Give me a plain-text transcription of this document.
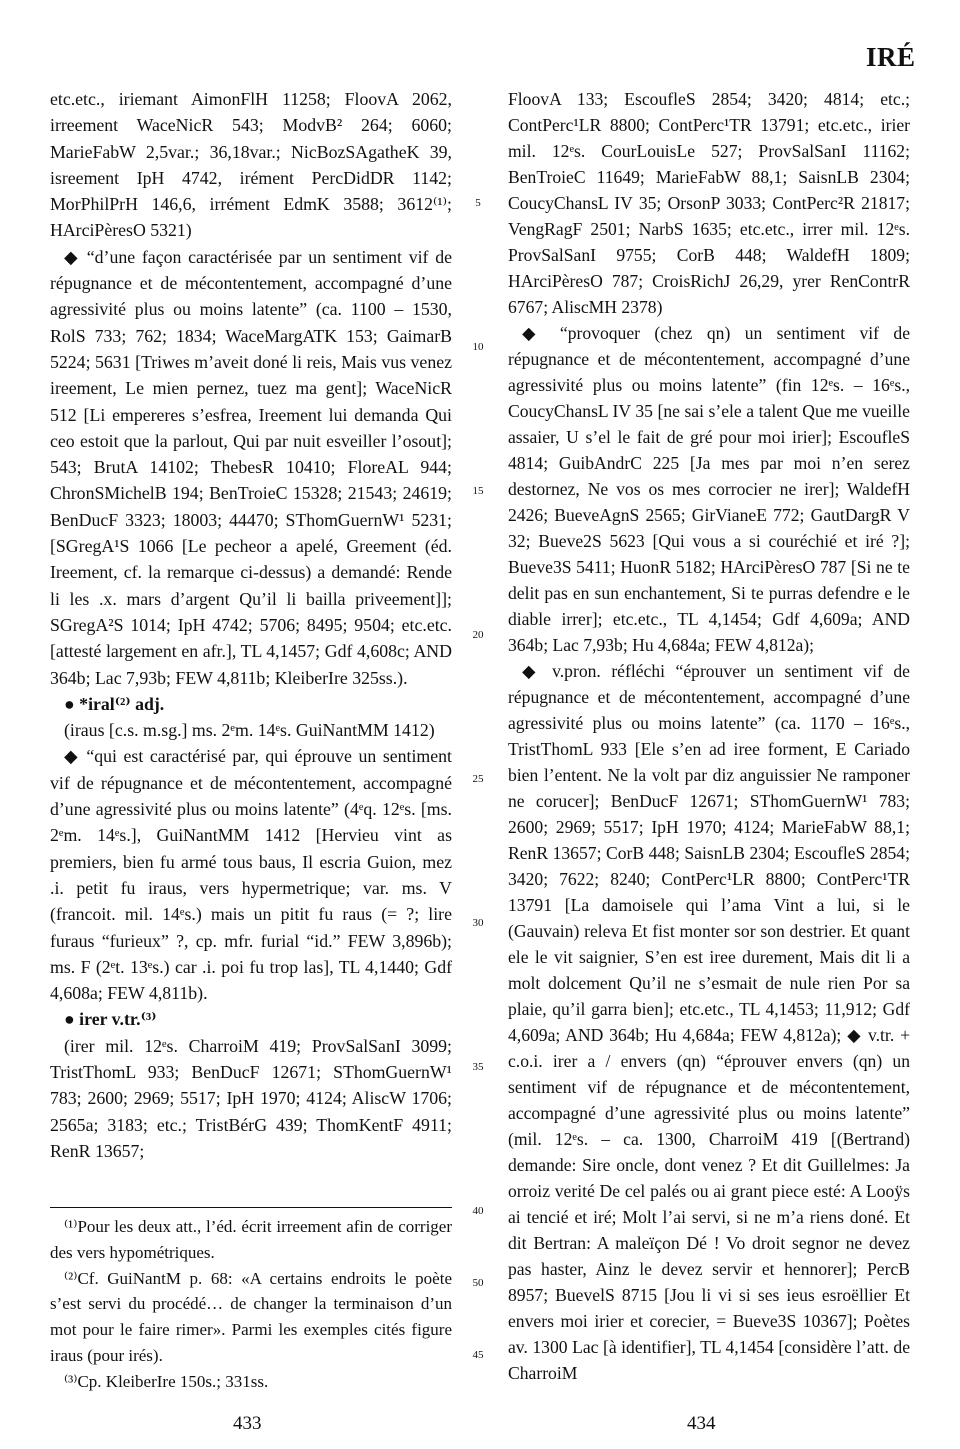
IRÉ

etc.etc., iriemant AimonFlH 11258; FloovA 2062, irreement WaceNicR 543; ModvB² 264; 6060; MarieFabW 2,5var.; 36,18var.; NicBozSAgatheK 39, isreement IpH 4742, irément PercDidDR 1142; MorPhilPrH 146,6, irrément EdmK 3588; 3612⁽¹⁾; HArciPèresO 5321)

◆ “d’une façon caractérisée par un sentiment vif de répugnance et de mécontentement, accompagné d’une agressivité plus ou moins latente” (ca. 1100 – 1530, RolS 733; 762; 1834; WaceMargATK 153; GaimarB 5224; 5631 [Triwes m’aveit doné li reis, Mais vus venez ireement, Le mien pernez, tuez ma gent]; WaceNicR 512 [Li empereres s’esfrea, Ireement lui demanda Qui ceo estoit que la parlout, Qui par nuit esveiller l’osout]; 543; BrutA 14102; ThebesR 10410; FloreAL 944; ChronSMichelB 194; BenTroieC 15328; 21543; 24619; BenDucF 3323; 18003; 44470; SThomGuernW¹ 5231; [SGregA¹S 1066 [Le pecheor a apelé, Greement (éd. Ireement, cf. la remarque ci-dessus) a demandé: Rende li les .x. mars d’argent Qu’il li bailla priveement]]; SGregA²S 1014; IpH 4742; 5706; 8495; 9504; etc.etc. [attesté largement en afr.], TL 4,1457; Gdf 4,608c; AND 364b; Lac 7,93b; FEW 4,811b; KleiberIre 325ss.).

● *iral⁽²⁾ adj.

(iraus [c.s. m.sg.] ms. 2ᵉm. 14ᵉs. GuiNantMM 1412)

◆ “qui est caractérisé par, qui éprouve un sentiment vif de répugnance et de mécontentement, accompagné d’une agressivité plus ou moins latente” (4ᵉq. 12ᵉs. [ms. 2ᵉm. 14ᵉs.], GuiNantMM 1412 [Hervieu vint as premiers, bien fu armé tous baus, Il escria Guion, mez .i. petit fu iraus, vers hypermetrique; var. ms. V (francoit. mil. 14ᵉs.) mais un pitit fu raus (= ?; lire furaus “furieux” ?, cp. mfr. furial “id.” FEW 3,896b); ms. F (2ᵉt. 13ᵉs.) car .i. poi fu trop las], TL 4,1440; Gdf 4,608a; FEW 4,811b).

● irer v.tr.⁽³⁾

(irer mil. 12ᵉs. CharroiM 419; ProvSalSanI 3099; TristThomL 933; BenDucF 12671; SThomGuernW¹ 783; 2600; 2969; 5517; IpH 1970; 4124; AliscW 1706; 2565a; 3183; etc.; TristBérG 439; ThomKentF 4911; RenR 13657;

⁽¹⁾Pour les deux att., l’éd. écrit irreement afin de corriger des vers hypométriques.

⁽²⁾Cf. GuiNantM p. 68: «A certains endroits le poète s’est servi du procédé… de changer la terminaison d’un mot pour le faire rimer». Parmi les exemples cités figure iraus (pour irés).

⁽³⁾Cp. KleiberIre 150s.; 331ss.

FloovA 133; EscoufleS 2854; 3420; 4814; etc.; ContPerc¹LR 8800; ContPerc¹TR 13791; etc.etc., irier mil. 12ᵉs. CourLouisLe 527; ProvSalSanI 11162; BenTroieC 11649; MarieFabW 88,1; SaisnLB 2304; CoucyChansL IV 35; OrsonP 3033; ContPerc²R 21817; VengRagF 2501; NarbS 1635; etc.etc., irrer mil. 12ᵉs. ProvSalSanI 9755; CorB 448; WaldefH 1809; HArciPèresO 787; CroisRichJ 26,29, yrer RenContrR 6767; AliscMH 2378)

◆ “provoquer (chez qn) un sentiment vif de répugnance et de mécontentement, accompagné d’une agressivité plus ou moins latente” (fin 12ᵉs. – 16ᵉs., CoucyChansL IV 35 [ne sai s’ele a talent Que me vueille assaier, U s’el le fait de gré pour moi irier]; EscoufleS 4814; GuibAndrC 225 [Ja mes par moi n’en serez destornez, Ne vos os mes corrocier ne irer]; WaldefH 2426; BueveAgnS 2565; GirVianeE 772; GautDargR V 32; Bueve2S 5623 [Qui vous a si couréchié et iré ?]; Bueve3S 5411; HuonR 5182; HArciPèresO 787 [Si ne te delit pas en sun enchantement, Si te purras defendre e le diable irrer]; etc.etc., TL 4,1454; Gdf 4,609a; AND 364b; Lac 7,93b; Hu 4,684a; FEW 4,812a);

◆ v.pron. réfléchi “éprouver un sentiment vif de répugnance et de mécontentement, accompagné d’une agressivité plus ou moins latente” (ca. 1170 – 16ᵉs., TristThomL 933 [Ele s’en ad iree forment, E Cariado bien l’entent. Ne la volt par diz anguissier Ne ramponer ne corucer]; BenDucF 12671; SThomGuernW¹ 783; 2600; 2969; 5517; IpH 1970; 4124; MarieFabW 88,1; RenR 13657; CorB 448; SaisnLB 2304; EscoufleS 2854; 3420; 7622; 8240; ContPerc¹LR 8800; ContPerc¹TR 13791 [La damoisele qui l’ama Vint a lui, si le (Gauvain) releva Et fist monter sor son destrier. Et quant ele le vit saignier, S’en est iree durement, Mais dit li a molt dolcement Qu’il ne s’esmait de nule rien Por sa plaie, qu’il garra bien]; etc.etc., TL 4,1453; 11,912; Gdf 4,609a; AND 364b; Hu 4,684a; FEW 4,812a); ◆ v.tr. + c.o.i. irer a / envers (qn) “éprouver envers (qn) un sentiment vif de répugnance et de mécontentement, accompagné d’une agressivité plus ou moins latente” (mil. 12ᵉs. – ca. 1300, CharroiM 419 [(Bertrand) demande: Sire oncle, dont venez ? Et dit Guillelmes: Ja orroiz verité De cel palés ou ai grant piece esté: A Looÿs ai tencié et iré; Molt l’ai servi, si ne m’a riens doné. Et dit Bertran: A maleïçon Dé ! Vo droit segnor ne devez pas haster, Ainz le devez servir et hennorer]; PercB 8957; BuevelS 8715 [Jou li vi si ses ieus esroëllier Et envers moi irier et corecier, = Bueve3S 10367]; Poètes av. 1300 Lac [à identifier], TL 4,1454 [considère l’att. de CharroiM

5
10
15
20
25
30
35
40
45
50
433	434
